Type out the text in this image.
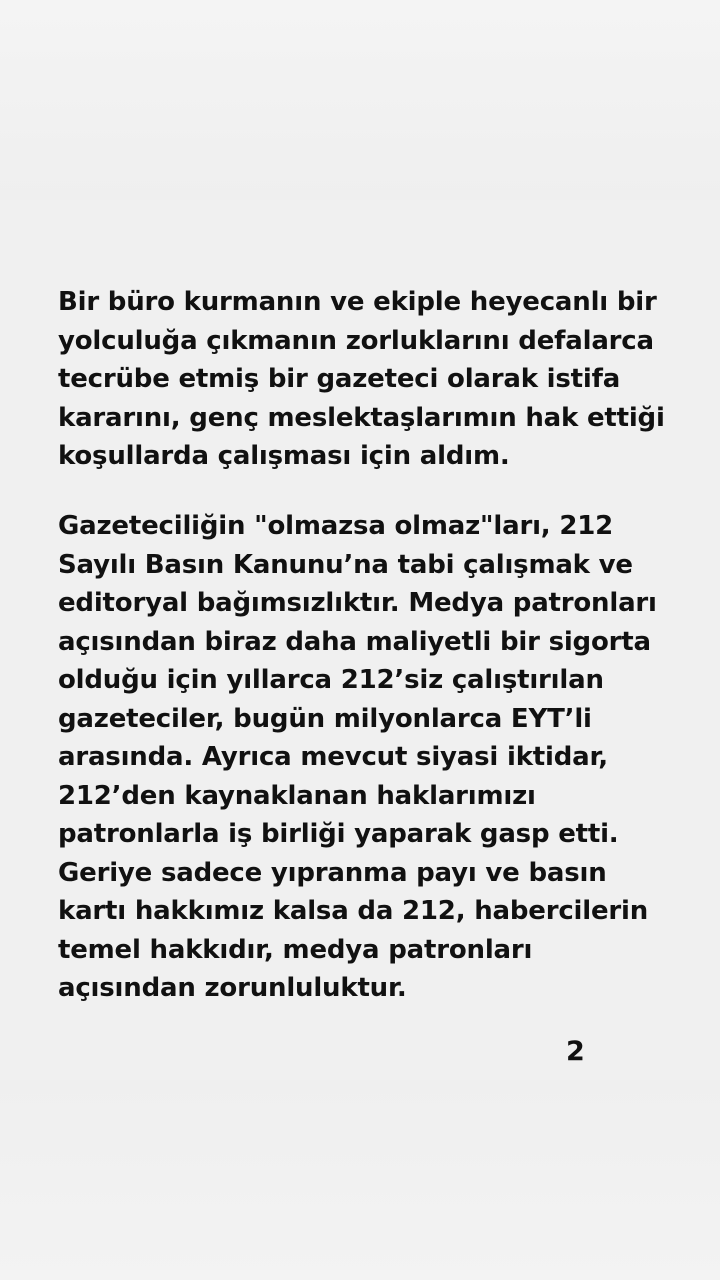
Bir büro kurmanın ve ekiple heyecanlı bir
yolculuğa çıkmanın zorluklarını defalarca
tecrübe etmiş bir gazeteci olarak istifa
kararını, genç meslektaşlarımın hak ettiği
koşullarda çalışması için aldım.

Gazeteciliğin "olmazsa olmaz"ları, 212
Sayılı Basın Kanunu’na tabi çalışmak ve
editoryal bağımsızlıktır. Medya patronları
açısından biraz daha maliyetli bir sigorta
olduğu için yıllarca 212’siz çalıştırılan
gazeteciler, bugün milyonlarca EYT’li
arasında. Ayrıca mevcut siyasi iktidar,
212’den kaynaklanan haklarımızı
patronlarla iş birliği yaparak gasp etti.
Geriye sadece yıpranma payı ve basın
kartı hakkımız kalsa da 212, habercilerin
temel hakkıdır, medya patronları
açısından zorunluluktur.

2
